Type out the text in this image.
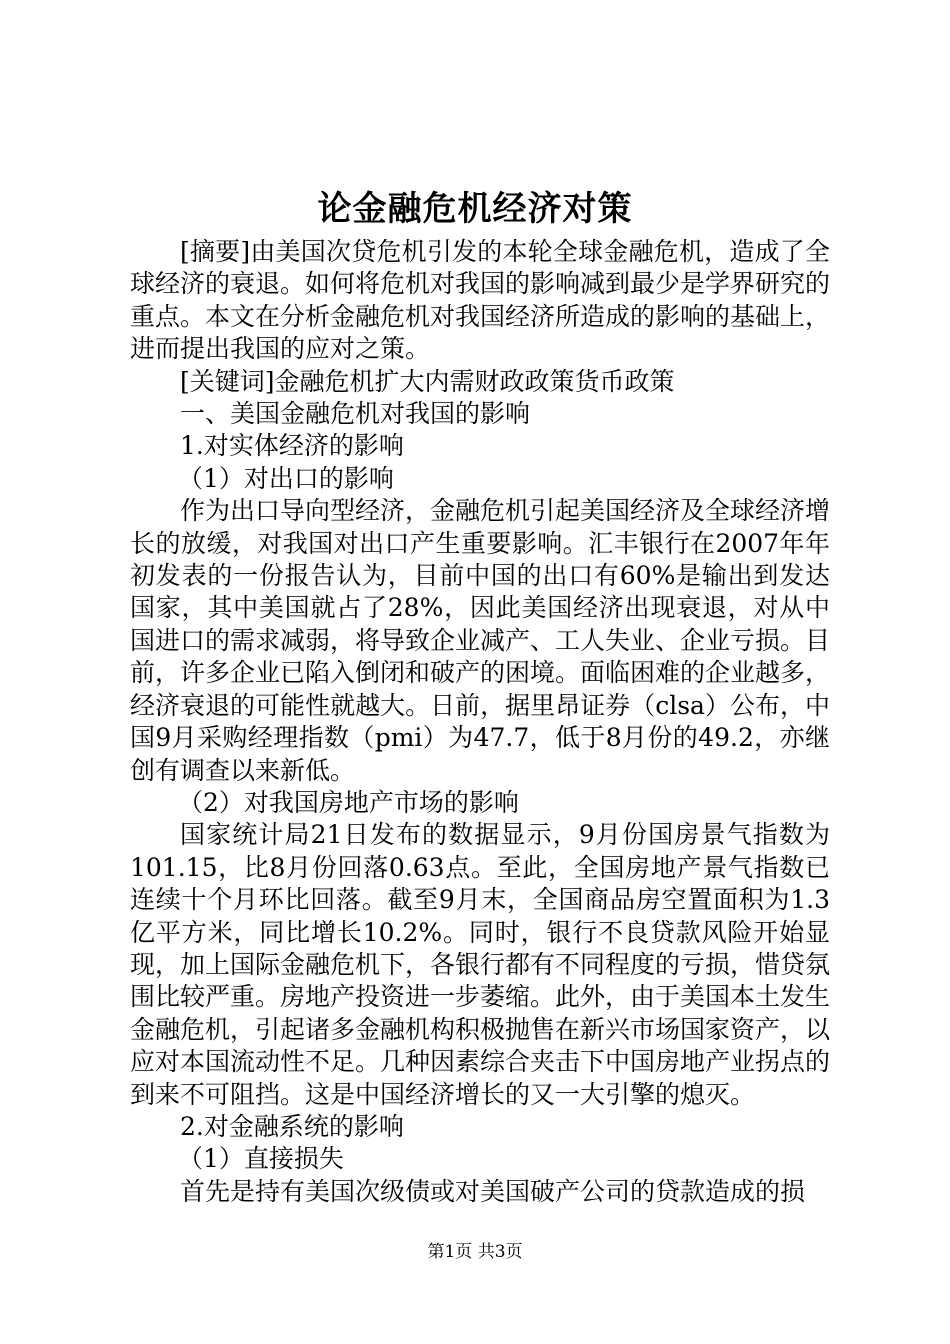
论金融危机经济对策

[摘要]由美国次贷危机引发的本轮全球金融危机，造成了全球经济的衰退。如何将危机对我国的影响减到最少是学界研究的重点。本文在分析金融危机对我国经济所造成的影响的基础上，进而提出我国的应对之策。

[关键词]金融危机扩大内需财政政策货币政策

一、美国金融危机对我国的影响

1.对实体经济的影响

（1）对出口的影响

作为出口导向型经济，金融危机引起美国经济及全球经济增长的放缓，对我国对出口产生重要影响。汇丰银行在2007年年初发表的一份报告认为，目前中国的出口有60%是输出到发达国家，其中美国就占了28%，因此美国经济出现衰退，对从中国进口的需求减弱，将导致企业减产、工人失业、企业亏损。目前，许多企业已陷入倒闭和破产的困境。面临困难的企业越多，经济衰退的可能性就越大。日前，据里昂证券（clsa）公布，中国9月采购经理指数（pmi）为47.7，低于8月份的49.2，亦继创有调查以来新低。

（2）对我国房地产市场的影响

国家统计局21日发布的数据显示，9月份国房景气指数为101.15，比8月份回落0.63点。至此，全国房地产景气指数已连续十个月环比回落。截至9月末，全国商品房空置面积为1.3亿平方米，同比增长10.2%。同时，银行不良贷款风险开始显现，加上国际金融危机下，各银行都有不同程度的亏损，惜贷氛围比较严重。房地产投资进一步萎缩。此外，由于美国本土发生金融危机，引起诸多金融机构积极抛售在新兴市场国家资产，以应对本国流动性不足。几种因素综合夹击下中国房地产业拐点的到来不可阻挡。这是中国经济增长的又一大引擎的熄灭。

2.对金融系统的影响

（1）直接损失

首先是持有美国次级债或对美国破产公司的贷款造成的损

第1页 共3页
